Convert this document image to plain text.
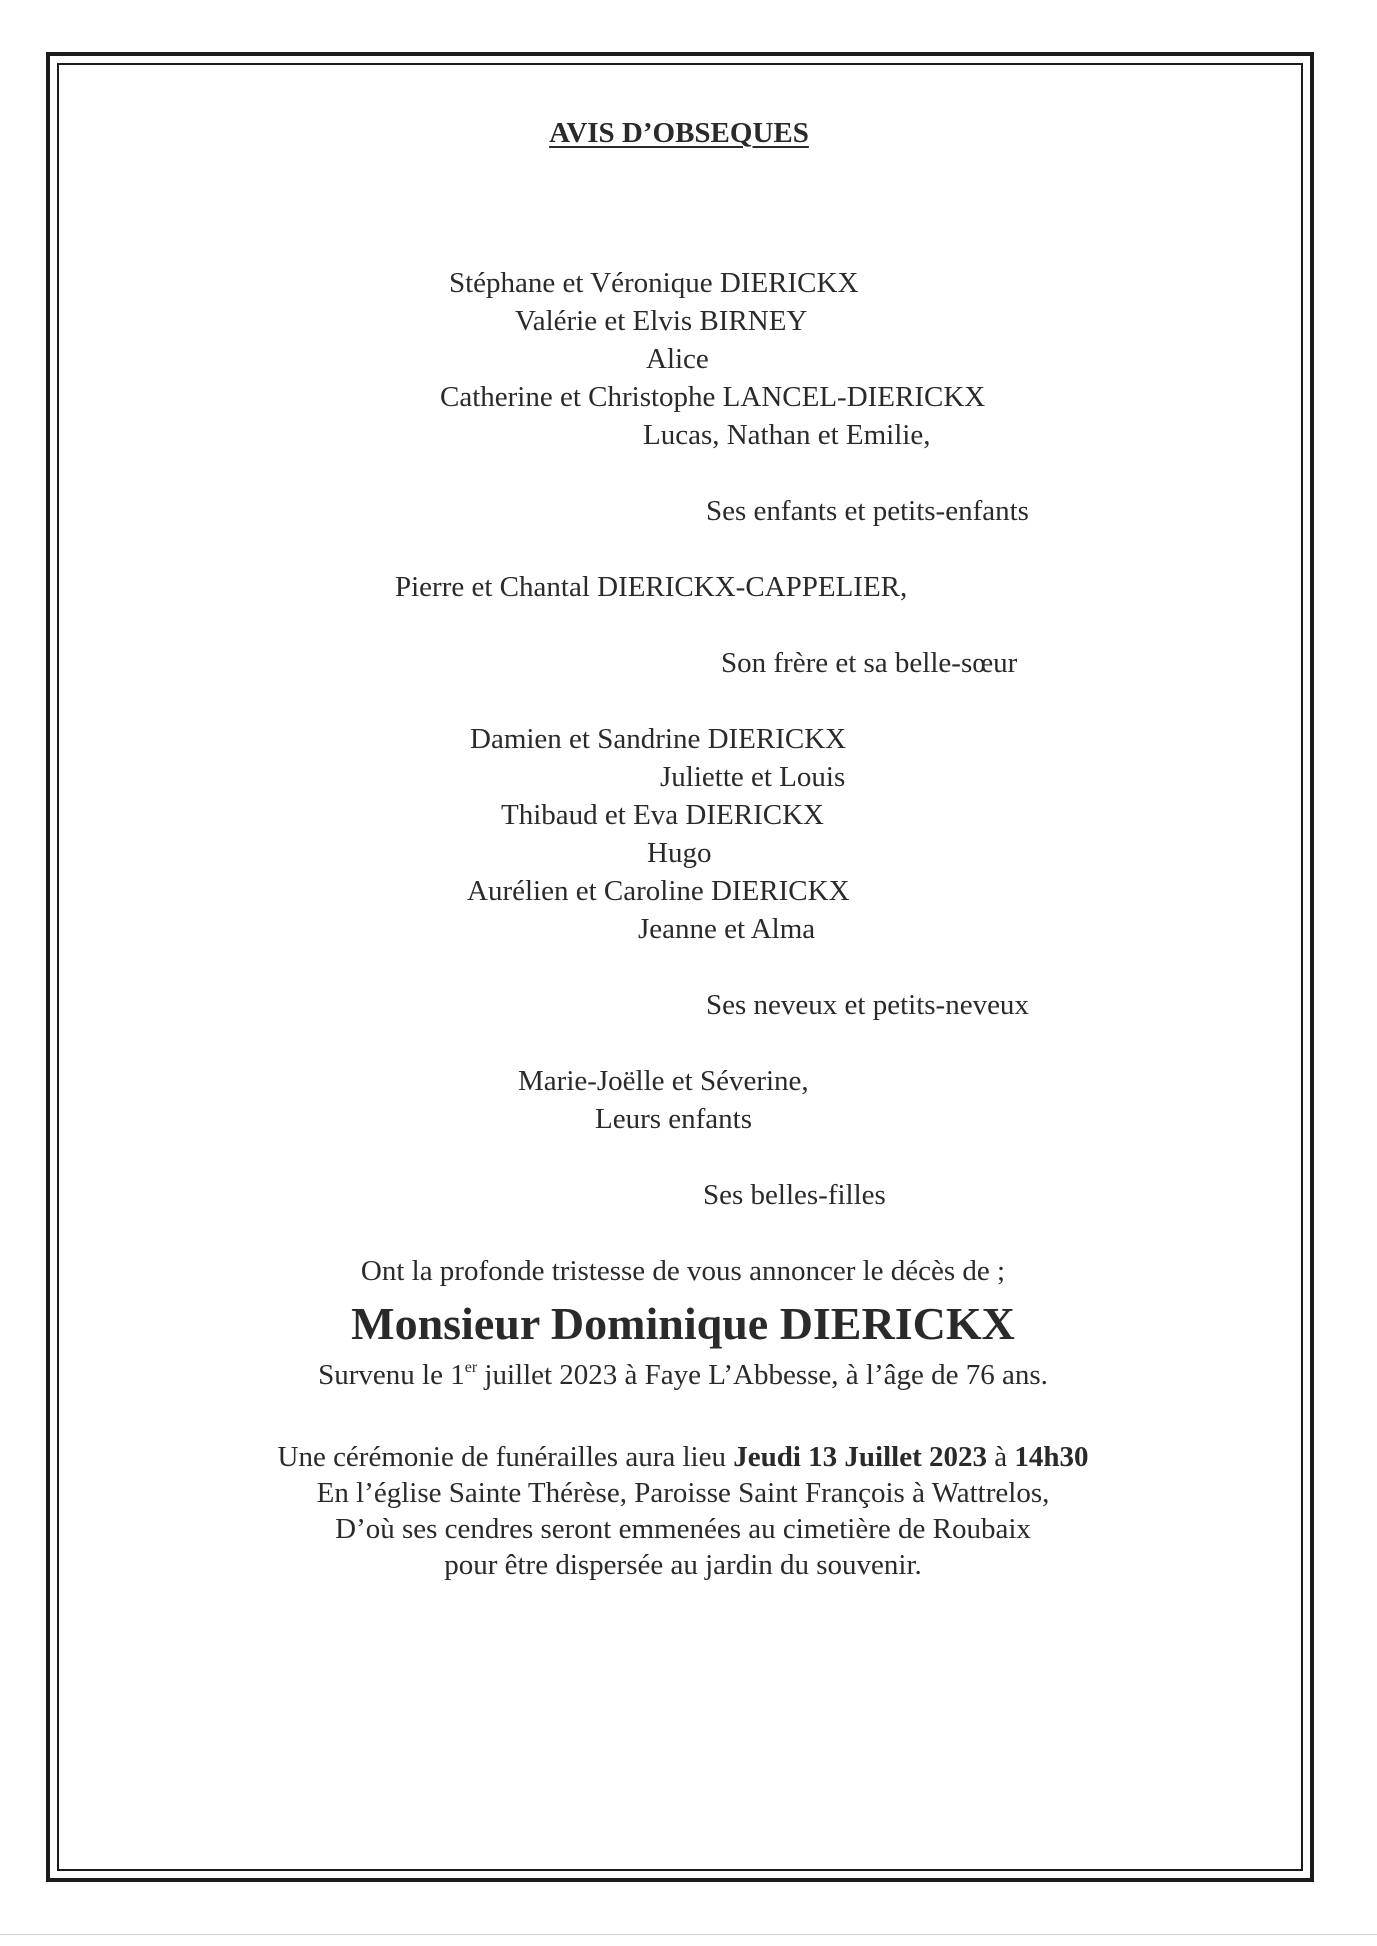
AVIS D’OBSEQUES
Stéphane et Véronique DIERICKX
Valérie et Elvis BIRNEY
Alice
Catherine et Christophe LANCEL-DIERICKX
Lucas, Nathan et Emilie,
Ses enfants et petits-enfants
Pierre et Chantal DIERICKX-CAPPELIER,
Son frère et sa belle-sœur
Damien et Sandrine DIERICKX
Juliette et Louis
Thibaud et Eva DIERICKX
Hugo
Aurélien et Caroline DIERICKX
Jeanne et Alma
Ses neveux et petits-neveux
Marie-Joëlle et Séverine,
Leurs enfants
Ses belles-filles
Ont la profonde tristesse de vous annoncer le décès de ;
Monsieur Dominique DIERICKX
Survenu le 1er juillet 2023 à Faye L’Abbesse, à l’âge de 76 ans.
Une cérémonie de funérailles aura lieu Jeudi 13 Juillet 2023 à 14h30
En l’église Sainte Thérèse, Paroisse Saint François à Wattrelos,
D’où ses cendres seront emmenées au cimetière de Roubaix
pour être dispersée au jardin du souvenir.
